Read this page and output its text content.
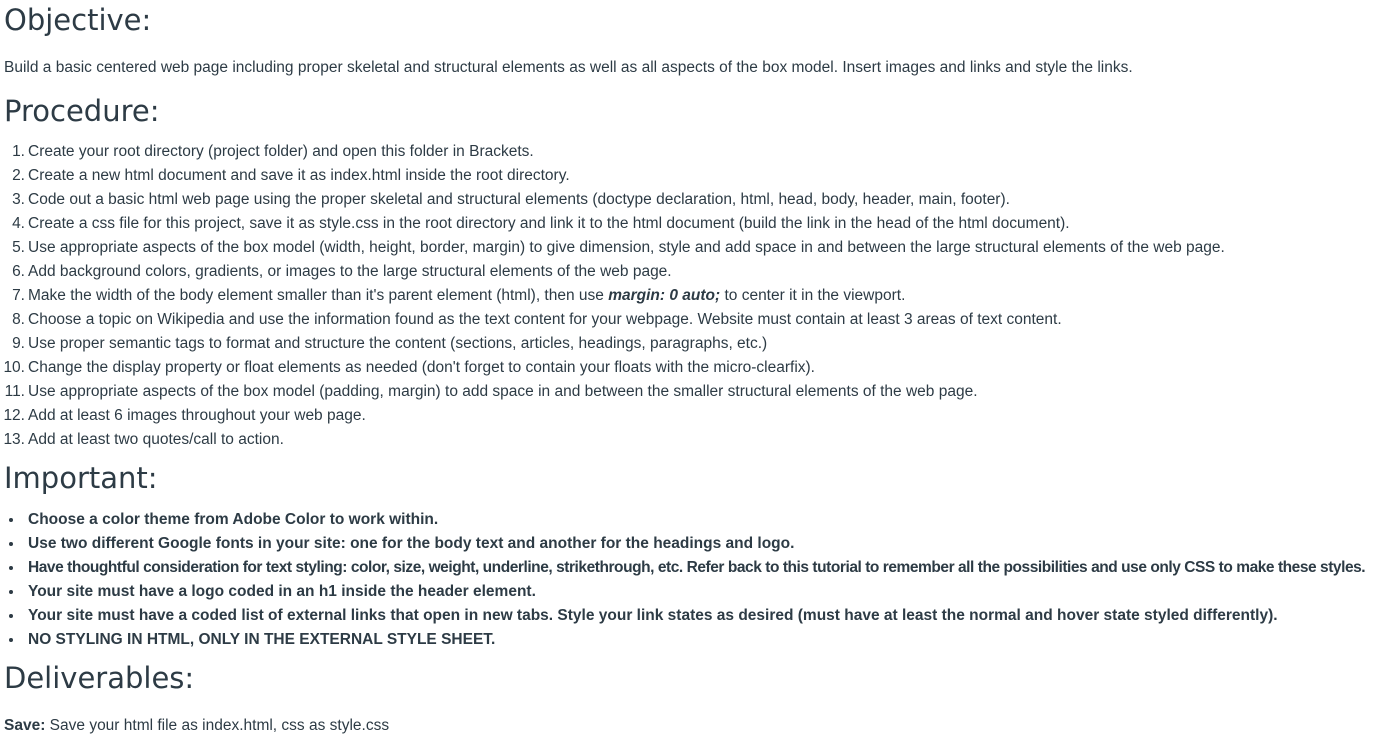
Objective:

Build a basic centered web page including proper skeletal and structural elements as well as all aspects of the box model. Insert images and links and style the links.

Procedure:
1. Create your root directory (project folder) and open this folder in Brackets.
2. Create a new html document and save it as index.html inside the root directory.
3. Code out a basic html web page using the proper skeletal and structural elements (doctype declaration, html, head, body, header, main, footer).
4. Create a css file for this project, save it as style.css in the root directory and link it to the html document (build the link in the head of the html document).
5. Use appropriate aspects of the box model (width, height, border, margin) to give dimension, style and add space in and between the large structural elements of the web page.
6. Add background colors, gradients, or images to the large structural elements of the web page.
7. Make the width of the body element smaller than it's parent element (html), then use margin: 0 auto; to center it in the viewport.
8. Choose a topic on Wikipedia and use the information found as the text content for your webpage. Website must contain at least 3 areas of text content.
9. Use proper semantic tags to format and structure the content (sections, articles, headings, paragraphs, etc.)
10. Change the display property or float elements as needed (don't forget to contain your floats with the micro-clearfix).
11. Use appropriate aspects of the box model (padding, margin) to add space in and between the smaller structural elements of the web page.
12. Add at least 6 images throughout your web page.
13. Add at least two quotes/call to action.
Important:
Choose a color theme from Adobe Color to work within.
Use two different Google fonts in your site: one for the body text and another for the headings and logo.
Have thoughtful consideration for text styling: color, size, weight, underline, strikethrough, etc. Refer back to this tutorial to remember all the possibilities and use only CSS to make these styles.
Your site must have a logo coded in an h1 inside the header element.
Your site must have a coded list of external links that open in new tabs. Style your link states as desired (must have at least the normal and hover state styled differently).
NO STYLING IN HTML, ONLY IN THE EXTERNAL STYLE SHEET.
Deliverables:

Save: Save your html file as index.html, css as style.css
